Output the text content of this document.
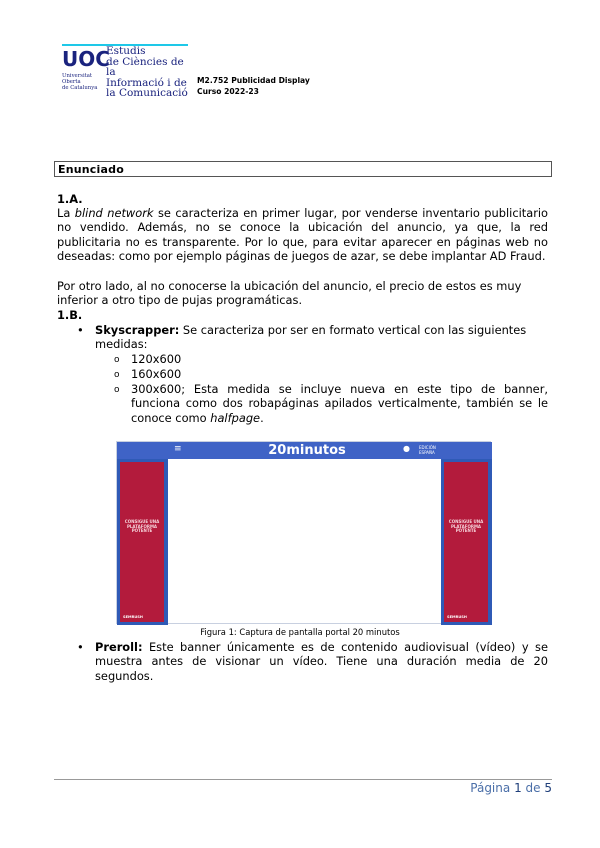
UOC
Estudis
de Ciències de la
Informació i de
la Comunicació
Universitat
Oberta
de Catalunya
M2.752 Publicidad Display
Curso 2022-23
Enunciado
1.A.
La blind network se caracteriza en primer lugar, por venderse inventario publicitario no vendido. Además, no se conoce la ubicación del anuncio, ya que, la red publicitaria no es transparente. Por lo que, para evitar aparecer en páginas web no deseadas: como por ejemplo páginas de juegos de azar, se debe implantar AD Fraud.
Por otro lado, al no conocerse la ubicación del anuncio, el precio de estos es muy inferior a otro tipo de pujas programáticas.
1.B.
• Skyscrapper: Se caracteriza por ser en formato vertical con las siguientes medidas:
o 120x600
o 160x600
o 300x600; Esta medida se incluye nueva en este tipo de banner, funciona como dos robapáginas apilados verticalmente, también se le conoce como halfpage.
≡	20minutos	● EDICIÓN
ESPAÑA
CONSIGUE UNA
PLATAFORMA
POTENTE
SEMRUSH
CONSIGUE UNA
PLATAFORMA
POTENTE
SEMRUSH
Figura 1: Captura de pantalla portal 20 minutos
• Preroll: Este banner únicamente es de contenido audiovisual (vídeo) y se muestra antes de visionar un vídeo. Tiene una duración media de 20 segundos.
Página 1 de 5
